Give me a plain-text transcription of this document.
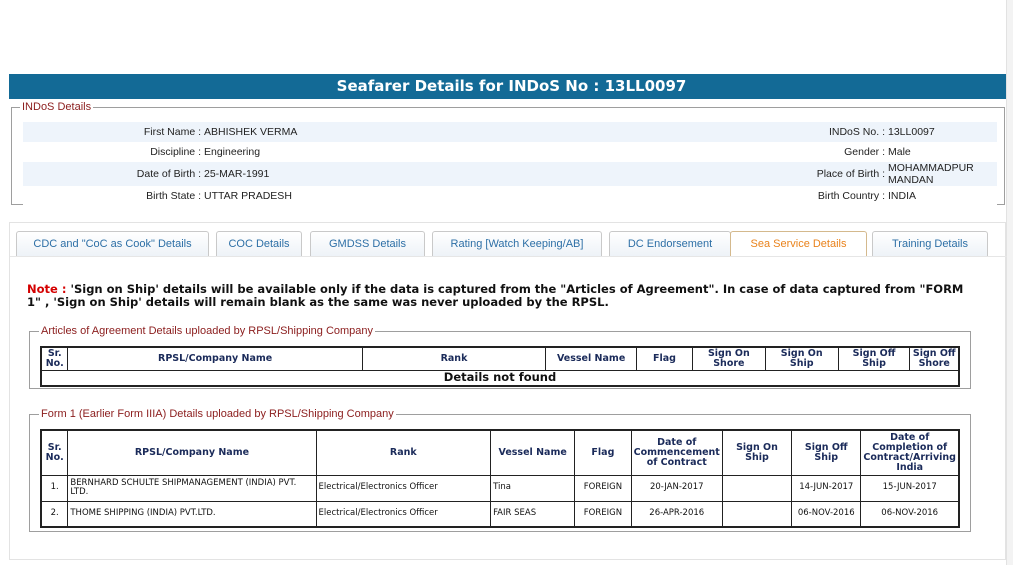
Seafarer Details for INDoS No : 13LL0097
INDoS Details
First Name :	ABHISHEK VERMA	INDoS No. :	13LL0097
Discipline :	Engineering	Gender :	Male
Date of Birth :	25-MAR-1991	Place of Birth :	MOHAMMADPUR MANDAN
Birth State :	UTTAR PRADESH	Birth Country :	INDIA
CDC and "CoC as Cook" Details	COC Details	GMDSS Details	Rating [Watch Keeping/AB]	DC Endorsement	Sea Service Details	Training Details
Note : 'Sign on Ship' details will be available only if the data is captured from the "Articles of Agreement". In case of data captured from "FORM 1" , 'Sign on Ship' details will remain blank as the same was never uploaded by the RPSL.
Articles of Agreement Details uploaded by RPSL/Shipping Company
Sr. No.	RPSL/Company Name	Rank	Vessel Name	Flag	Sign On Shore	Sign On Ship	Sign Off Ship	Sign Off Shore
Details not found
Form 1 (Earlier Form IIIA) Details uploaded by RPSL/Shipping Company
Sr. No.	RPSL/Company Name	Rank	Vessel Name	Flag	Date of Commencement of Contract	Sign On Ship	Sign Off Ship	Date of Completion of Contract/Arriving India
1.	BERNHARD SCHULTE SHIPMANAGEMENT (INDIA) PVT. LTD.	Electrical/Electronics Officer	Tina	FOREIGN	20-JAN-2017		14-JUN-2017	15-JUN-2017
2.	THOME SHIPPING (INDIA) PVT.LTD.	Electrical/Electronics Officer	FAIR SEAS	FOREIGN	26-APR-2016		06-NOV-2016	06-NOV-2016
